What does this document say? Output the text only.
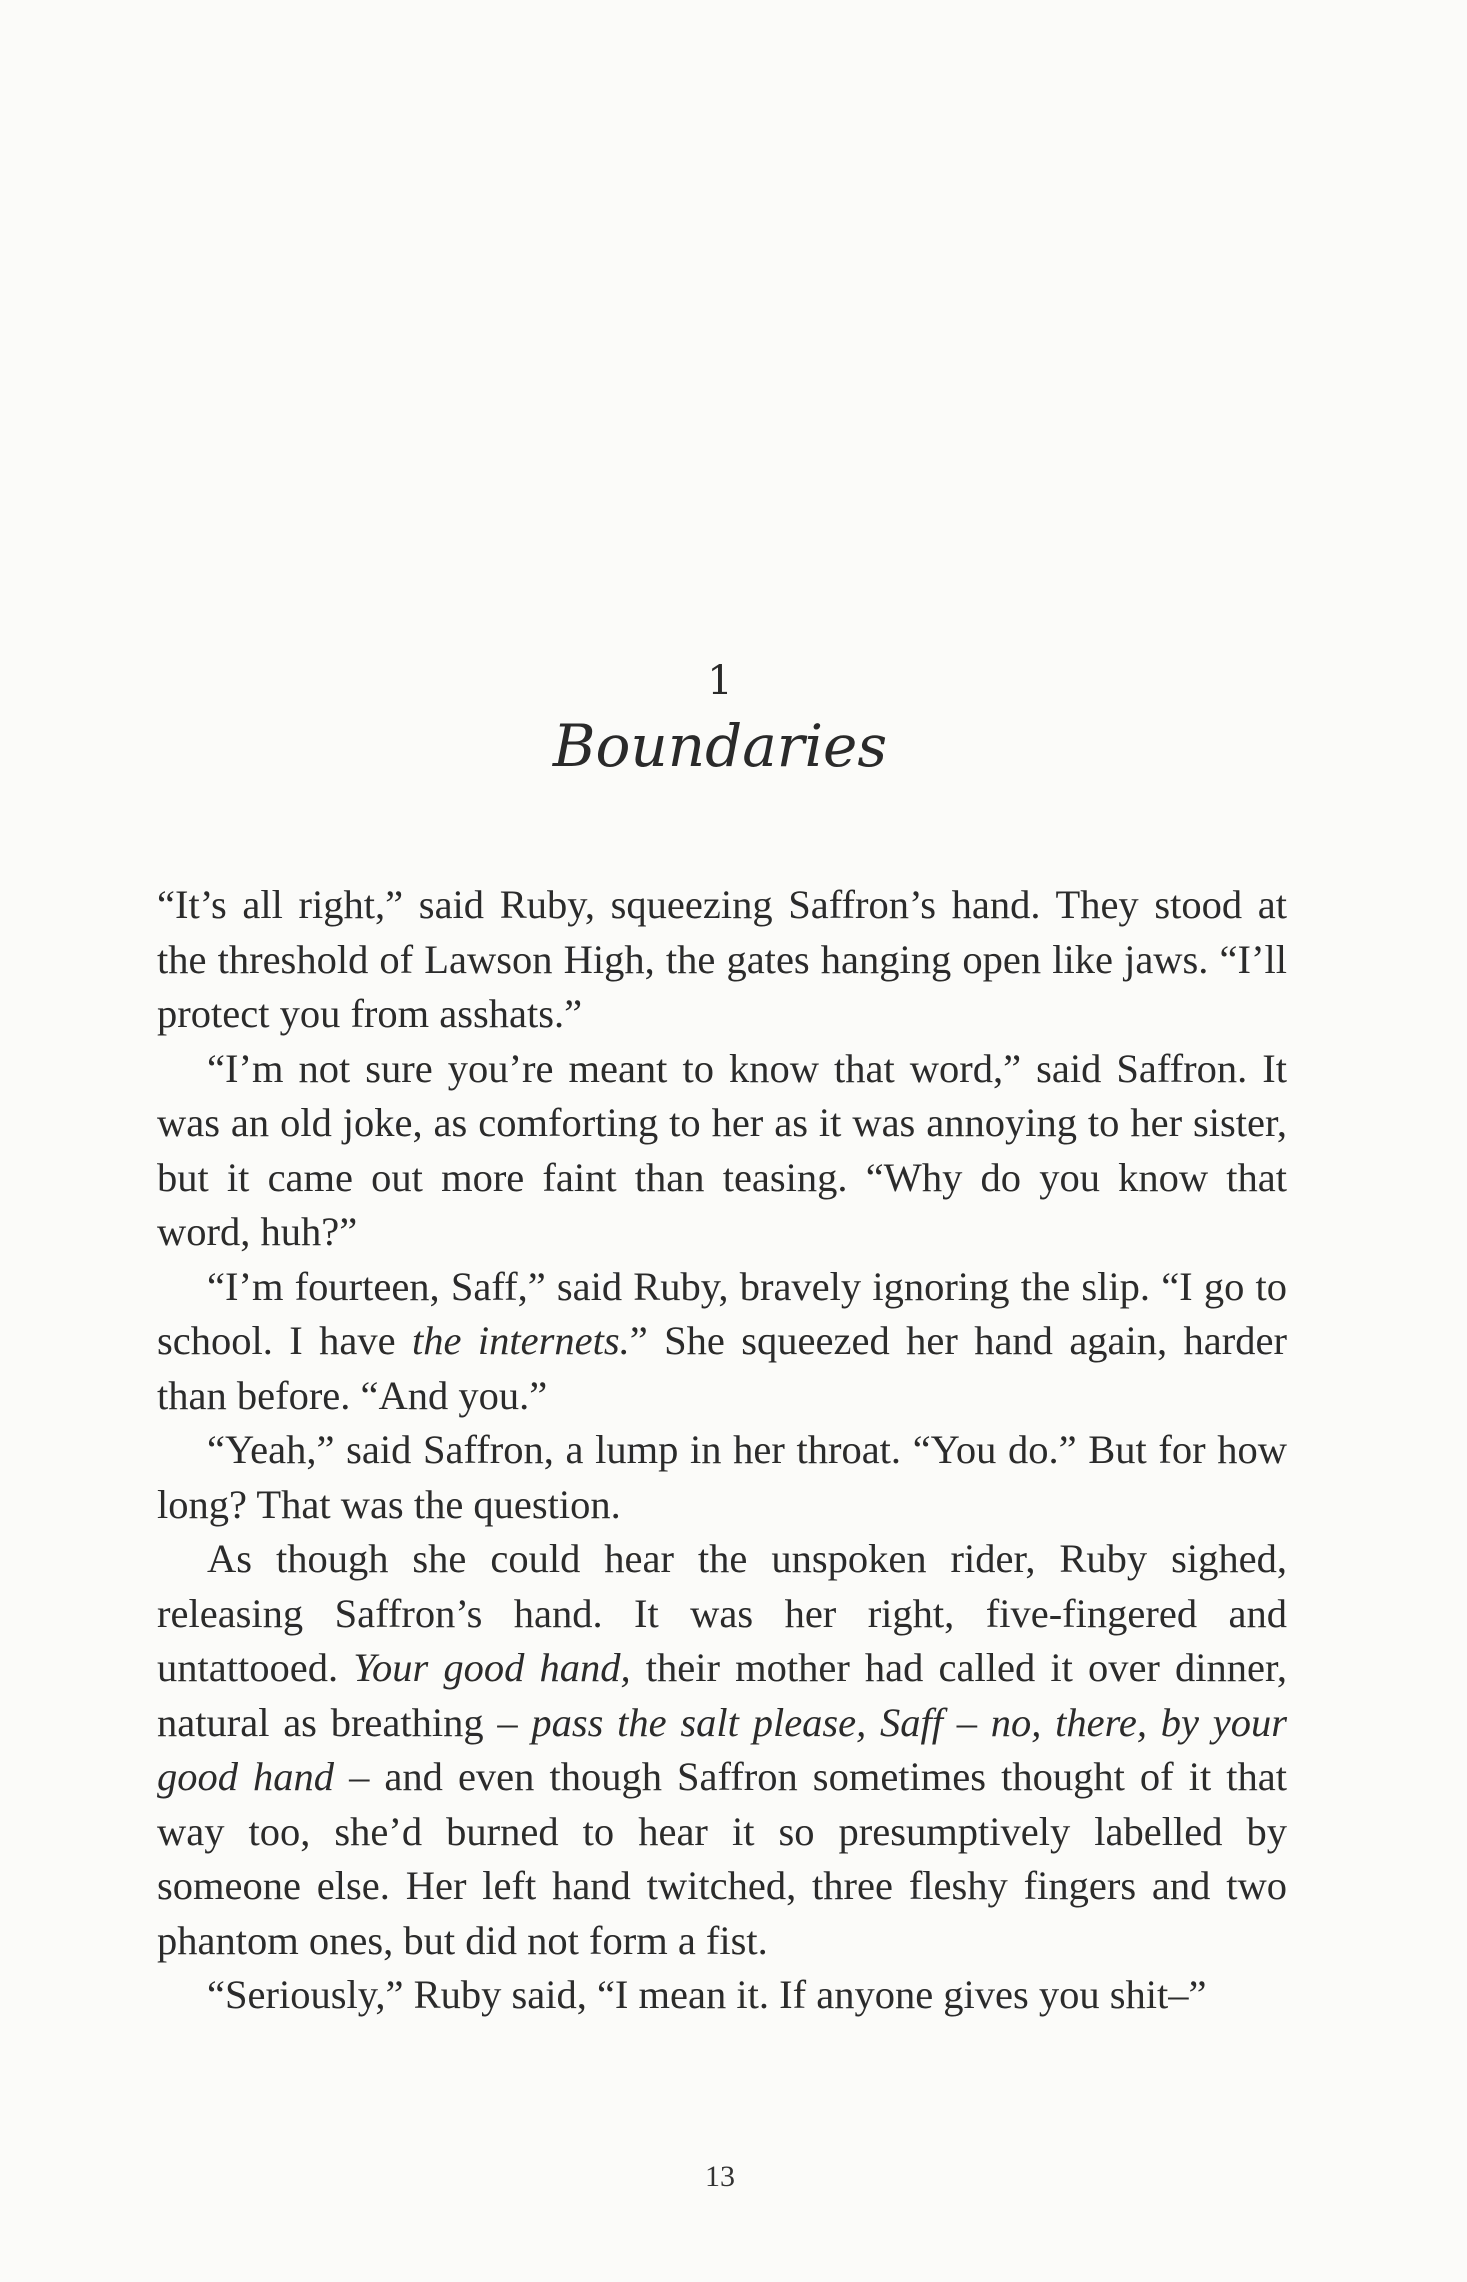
1
Boundaries

“It’s all right,” said Ruby, squeezing Saffron’s hand. They stood at the threshold of Lawson High, the gates hanging open like jaws. “I’ll protect you from asshats.”

“I’m not sure you’re meant to know that word,” said Saffron. It was an old joke, as comforting to her as it was annoying to her sister, but it came out more faint than teasing. “Why do you know that word, huh?”

“I’m fourteen, Saff,” said Ruby, bravely ignoring the slip. “I go to school. I have the internets.” She squeezed her hand again, harder than before. “And you.”

“Yeah,” said Saffron, a lump in her throat. “You do.” But for how long? That was the question.

As though she could hear the unspoken rider, Ruby sighed, releasing Saffron’s hand. It was her right, five-fingered and untattooed. Your good hand, their mother had called it over dinner, natural as breathing – pass the salt please, Saff – no, there, by your good hand – and even though Saffron sometimes thought of it that way too, she’d burned to hear it so presumptively labelled by someone else. Her left hand twitched, three fleshy fingers and two phantom ones, but did not form a fist.

“Seriously,” Ruby said, “I mean it. If anyone gives you shit–”

13
